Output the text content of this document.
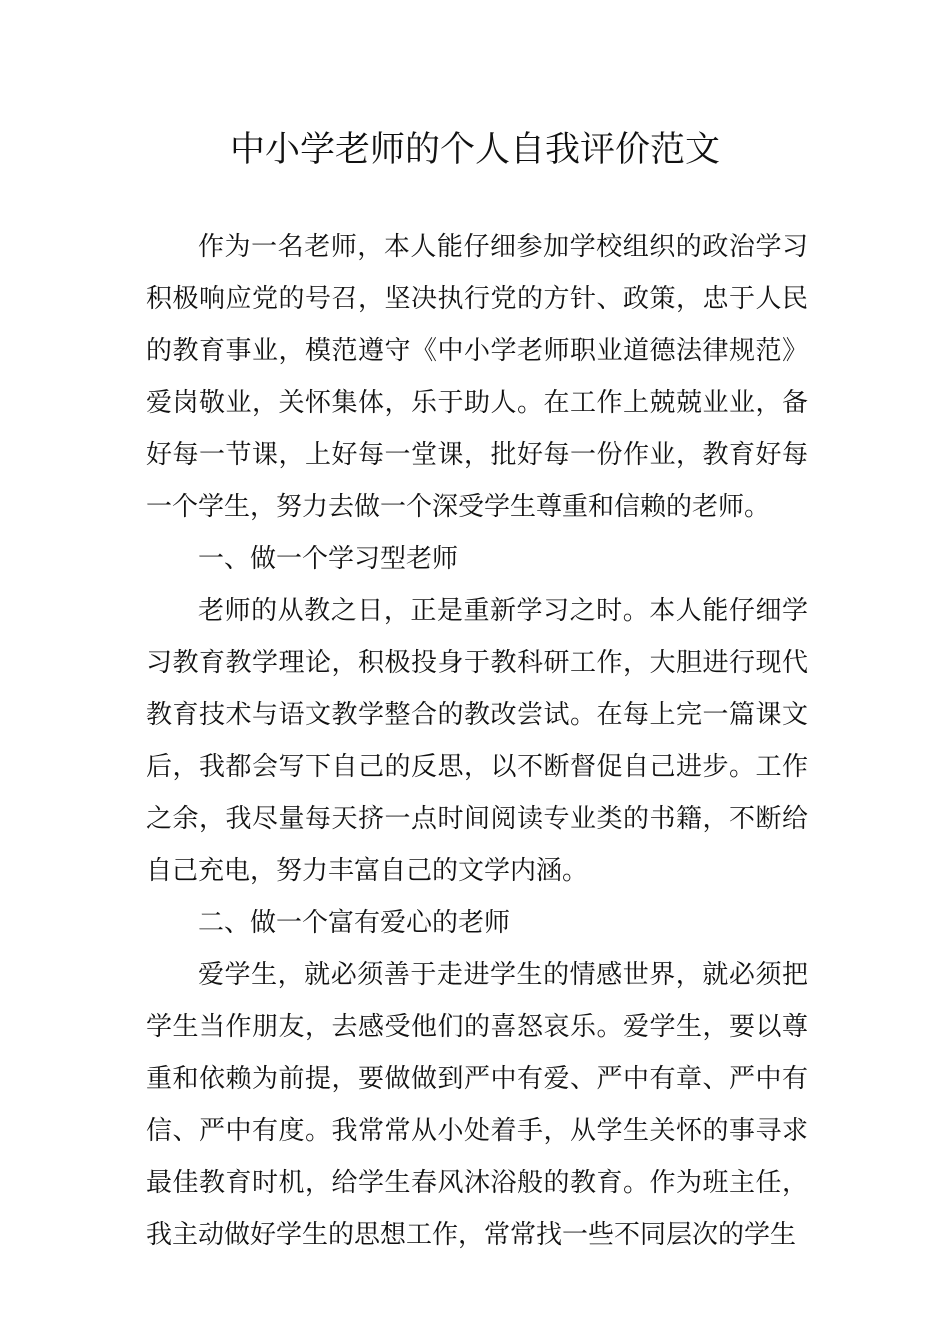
中小学老师的个人自我评价范文

作为一名老师，本人能仔细参加学校组织的政治学习积极响应党的号召，坚决执行党的方针、政策，忠于人民的教育事业，模范遵守《中小学老师职业道德法律规范》爱岗敬业，关怀集体，乐于助人。在工作上兢兢业业，备好每一节课，上好每一堂课，批好每一份作业，教育好每一个学生，努力去做一个深受学生尊重和信赖的老师。

一、做一个学习型老师

老师的从教之日，正是重新学习之时。本人能仔细学习教育教学理论，积极投身于教科研工作，大胆进行现代教育技术与语文教学整合的教改尝试。在每上完一篇课文后，我都会写下自己的反思，以不断督促自己进步。工作之余，我尽量每天挤一点时间阅读专业类的书籍，不断给自己充电，努力丰富自己的文学内涵。

二、做一个富有爱心的老师

爱学生，就必须善于走进学生的情感世界，就必须把学生当作朋友，去感受他们的喜怒哀乐。爱学生，要以尊重和依赖为前提，要做做到严中有爱、严中有章、严中有信、严中有度。我常常从小处着手，从学生关怀的事寻求最佳教育时机，给学生春风沐浴般的教育。作为班主任，我主动做好学生的思想工作，常常找一些不同层次的学生
